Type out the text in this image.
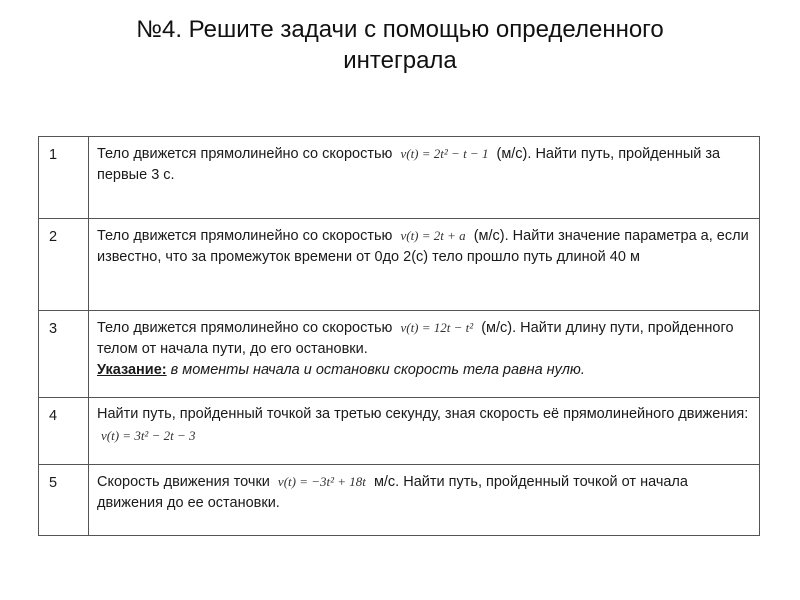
№4. Решите задачи с помощью определенного
интеграла
1	Тело движется прямолинейно со скоростью v(t) = 2t² − t − 1 (м/с). Найти путь, пройденный за первые 3 с.
2	Тело движется прямолинейно со скоростью v(t) = 2t + a (м/с). Найти значение параметра a, если известно, что за промежуток времени от 0до 2(с) тело прошло путь длиной 40 м
3	Тело движется прямолинейно со скоростью v(t) = 12t − t² (м/с). Найти длину пути, пройденного телом от начала пути, до его остановки.
Указание: в моменты начала и остановки скорость тела равна нулю.
4	Найти путь, пройденный точкой за третью секунду, зная скорость её прямолинейного движения: v(t) = 3t² − 2t − 3
5	Скорость движения точки v(t) = −3t² + 18t м/с. Найти путь, пройденный точкой от начала движения до ее остановки.
